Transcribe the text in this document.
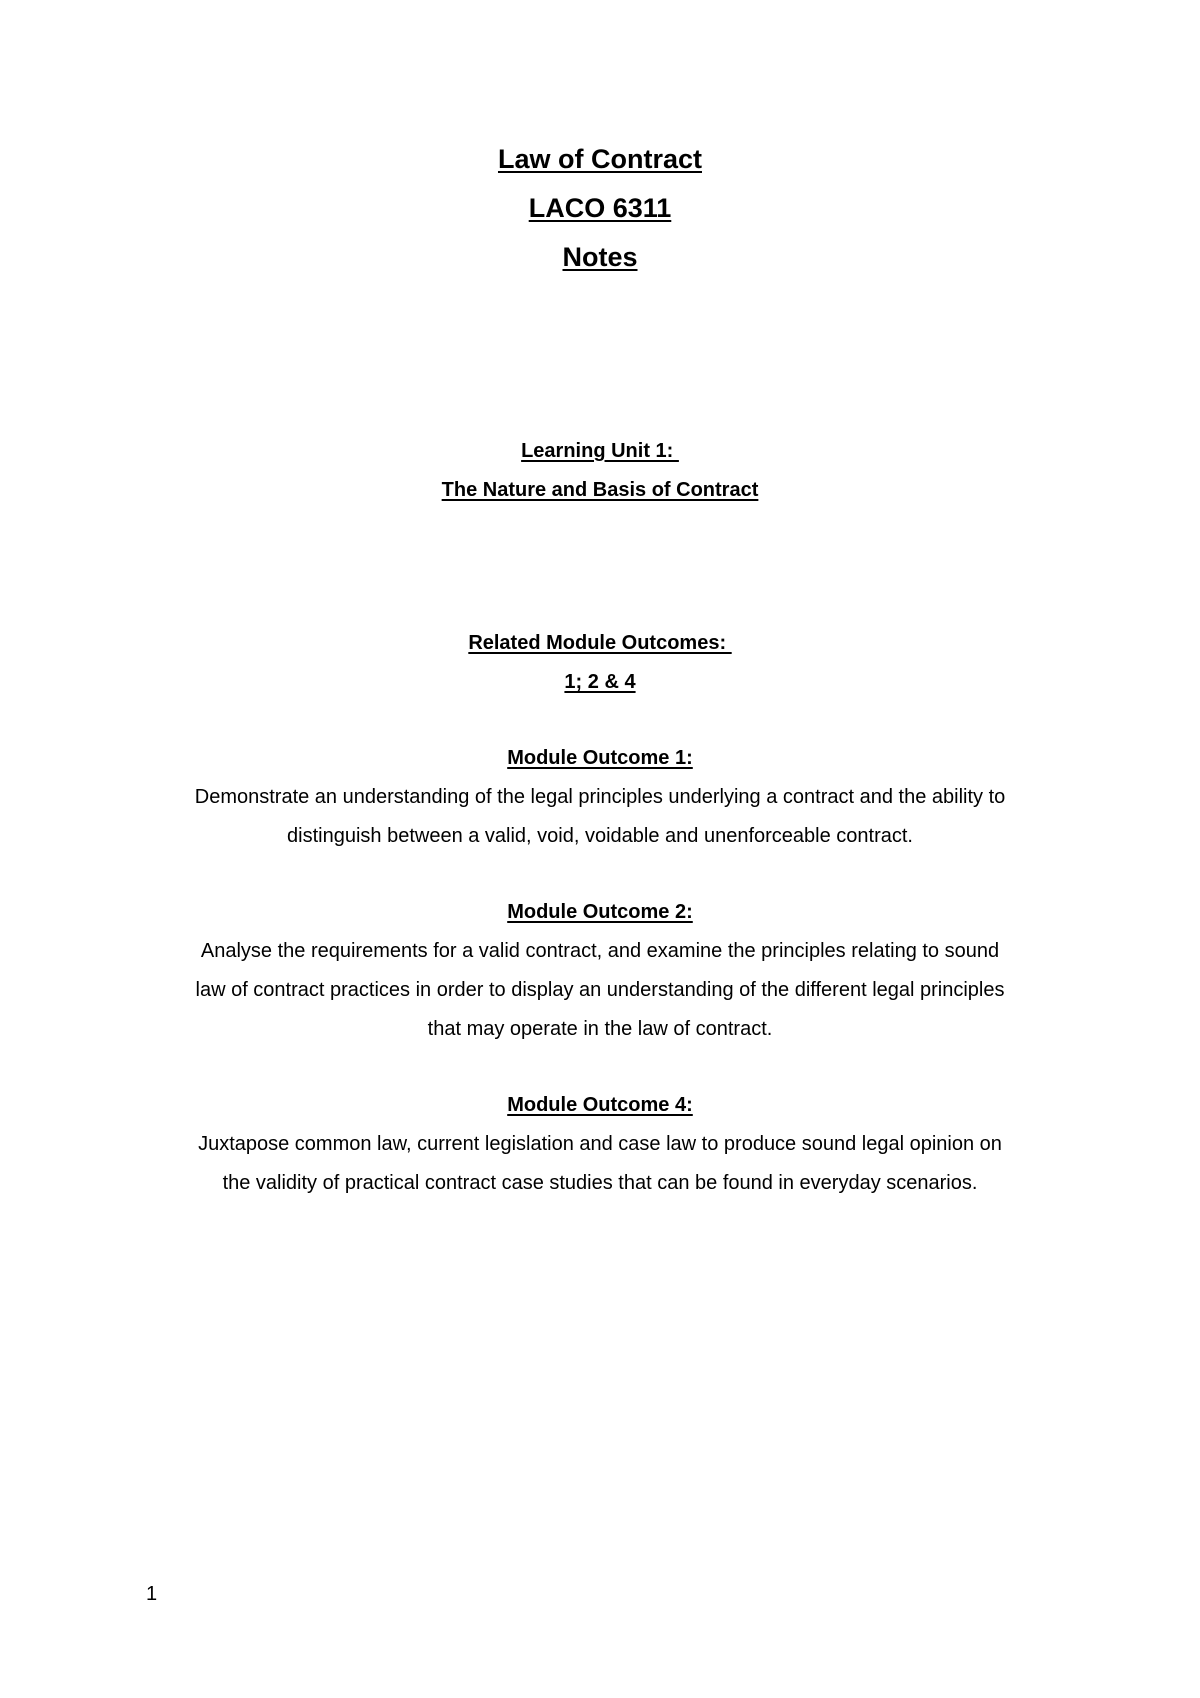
Law of Contract
LACO 6311
Notes
Learning Unit 1:
The Nature and Basis of Contract
Related Module Outcomes:
1; 2 & 4
Module Outcome 1:
Demonstrate an understanding of the legal principles underlying a contract and the ability to
distinguish between a valid, void, voidable and unenforceable contract.
Module Outcome 2:
Analyse the requirements for a valid contract, and examine the principles relating to sound
law of contract practices in order to display an understanding of the different legal principles
that may operate in the law of contract.
Module Outcome 4:
Juxtapose common law, current legislation and case law to produce sound legal opinion on
the validity of practical contract case studies that can be found in everyday scenarios.
1
